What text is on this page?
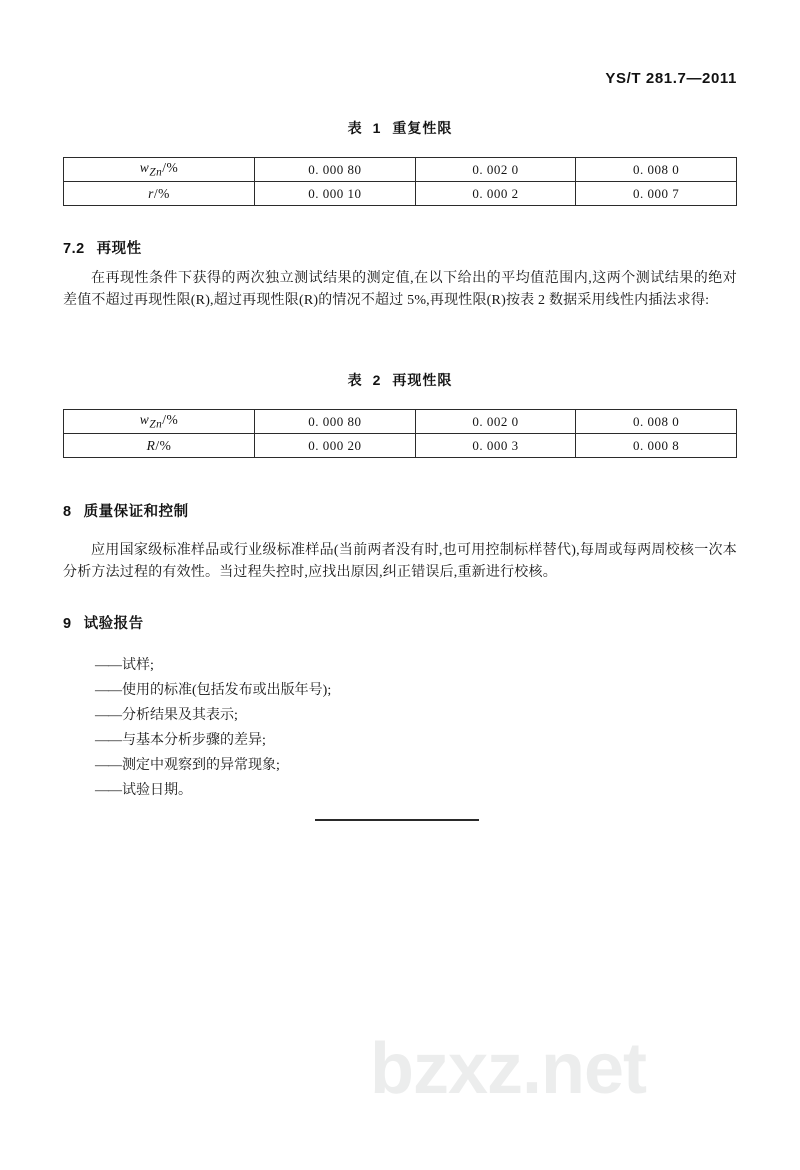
YS/T 281.7—2011
表 1 重复性限
$w_{Zn}/\%$	0. 000 80	0. 002 0	0. 008 0
r/%	0. 000 10	0. 000 2	0. 000 7
7.2 再现性

在再现性条件下获得的两次独立测试结果的测定值,在以下给出的平均值范围内,这两个测试结果的绝对差值不超过再现性限(R),超过再现性限(R)的情况不超过 5%,再现性限(R)按表 2 数据采用线性内插法求得:

表 2 再现性限
$w_{Zn}/\%$	0. 000 80	0. 002 0	0. 008 0
R/%	0. 000 20	0. 000 3	0. 000 8
8 质量保证和控制

应用国家级标准样品或行业级标准样品(当前两者没有时,也可用控制标样替代),每周或每两周校核一次本分析方法过程的有效性。当过程失控时,应找出原因,纠正错误后,重新进行校核。

9 试验报告
——试样;
——使用的标准(包括发布或出版年号);
——分析结果及其表示;
——与基本分析步骤的差异;
——测定中观察到的异常现象;
——试验日期。
bzxz.net
